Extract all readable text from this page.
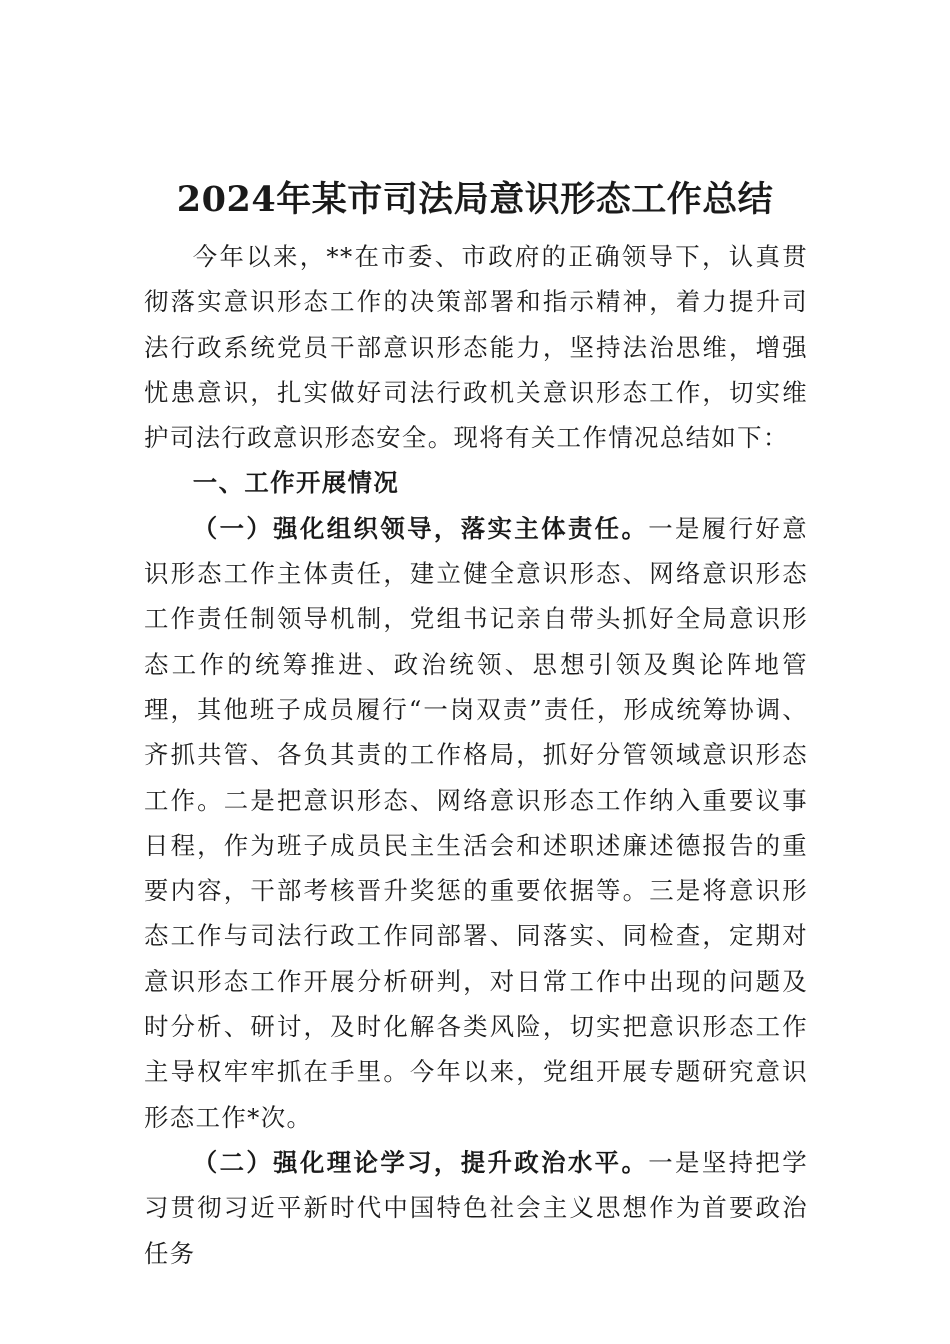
2024年某市司法局意识形态工作总结

今年以来，**在市委、市政府的正确领导下，认真贯彻落实意识形态工作的决策部署和指示精神，着力提升司法行政系统党员干部意识形态能力，坚持法治思维，增强忧患意识，扎实做好司法行政机关意识形态工作，切实维护司法行政意识形态安全。现将有关工作情况总结如下：

一、工作开展情况

（一）强化组织领导，落实主体责任。一是履行好意识形态工作主体责任，建立健全意识形态、网络意识形态工作责任制领导机制，党组书记亲自带头抓好全局意识形态工作的统筹推进、政治统领、思想引领及舆论阵地管理，其他班子成员履行“一岗双责”责任，形成统筹协调、齐抓共管、各负其责的工作格局，抓好分管领域意识形态工作。二是把意识形态、网络意识形态工作纳入重要议事日程，作为班子成员民主生活会和述职述廉述德报告的重要内容，干部考核晋升奖惩的重要依据等。三是将意识形态工作与司法行政工作同部署、同落实、同检查，定期对意识形态工作开展分析研判，对日常工作中出现的问题及时分析、研讨，及时化解各类风险，切实把意识形态工作主导权牢牢抓在手里。今年以来，党组开展专题研究意识形态工作*次。

（二）强化理论学习，提升政治水平。一是坚持把学习贯彻习近平新时代中国特色社会主义思想作为首要政治任务
